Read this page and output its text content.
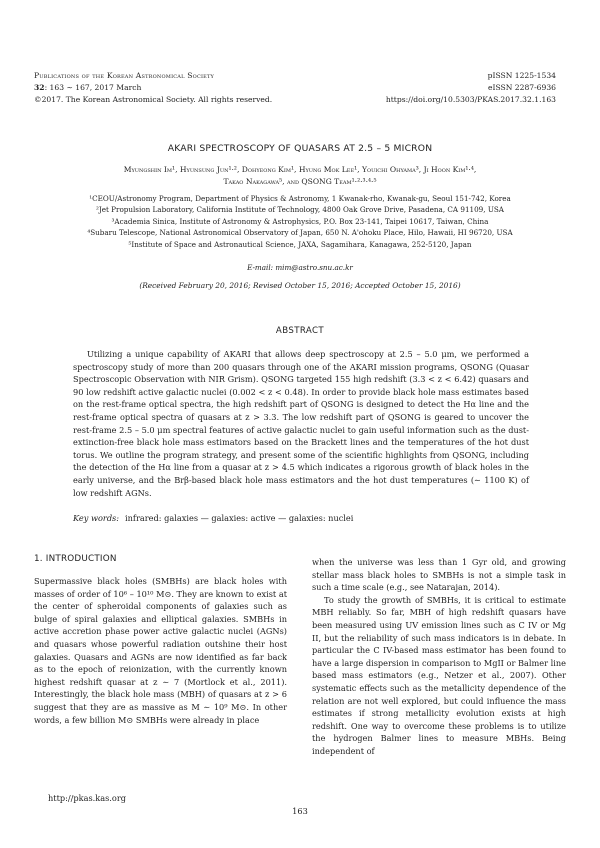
Publications of the Korean Astronomical Society
32: 163 ∼ 167, 2017 March
©2017. The Korean Astronomical Society. All rights reserved.
pISSN 1225-1534
eISSN 2287-6936
https://doi.org/10.5303/PKAS.2017.32.1.163
AKARI SPECTROSCOPY OF QUASARS AT 2.5 – 5 MICRON
Myungshin Im¹, Hyunsung Jun¹·², Dohyeong Kim¹, Hyung Mok Lee¹, Youichi Ohyama³, Ji Hoon Kim¹·⁴,
Takao Nakagawa⁵, and QSONG Team¹·²·³·⁴·⁵
¹CEOU/Astronomy Program, Department of Physics & Astronomy, 1 Kwanak-rho, Kwanak-gu, Seoul 151-742, Korea
²Jet Propulsion Laboratory, California Institute of Technology, 4800 Oak Grove Drive, Pasadena, CA 91109, USA
³Academia Sinica, Institute of Astronomy & Astrophysics, P.O. Box 23-141, Taipei 10617, Taiwan, China
⁴Subaru Telescope, National Astronomical Observatory of Japan, 650 N. A'ohoku Place, Hilo, Hawaii, HI 96720, USA
⁵Institute of Space and Astronautical Science, JAXA, Sagamihara, Kanagawa, 252-5120, Japan
E-mail: mim@astro.snu.ac.kr
(Received February 20, 2016; Revised October 15, 2016; Accepted October 15, 2016)
ABSTRACT
Utilizing a unique capability of AKARI that allows deep spectroscopy at 2.5 – 5.0 μm, we performed a spectroscopy study of more than 200 quasars through one of the AKARI mission programs, QSONG (Quasar Spectroscopic Observation with NIR Grism). QSONG targeted 155 high redshift (3.3 < z < 6.42) quasars and 90 low redshift active galactic nuclei (0.002 < z < 0.48). In order to provide black hole mass estimates based on the rest-frame optical spectra, the high redshift part of QSONG is designed to detect the Hα line and the rest-frame optical spectra of quasars at z > 3.3. The low redshift part of QSONG is geared to uncover the rest-frame 2.5 – 5.0 μm spectral features of active galactic nuclei to gain useful information such as the dust-extinction-free black hole mass estimators based on the Brackett lines and the temperatures of the hot dust torus. We outline the program strategy, and present some of the scientific highlights from QSONG, including the detection of the Hα line from a quasar at z > 4.5 which indicates a rigorous growth of black holes in the early universe, and the Brβ-based black hole mass estimators and the hot dust temperatures (∼ 1100 K) of low redshift AGNs.
Key words: infrared: galaxies — galaxies: active — galaxies: nuclei
1. INTRODUCTION
Supermassive black holes (SMBHs) are black holes with masses of order of 10⁶ – 10¹⁰ M⊙. They are known to exist at the center of spheroidal components of galaxies such as bulge of spiral galaxies and elliptical galaxies. SMBHs in active accretion phase power active galactic nuclei (AGNs) and quasars whose powerful radiation outshine their host galaxies. Quasars and AGNs are now identified as far back as to the epoch of reionization, with the currently known highest redshift quasar at z ∼ 7 (Mortlock et al., 2011). Interestingly, the black hole mass (MBH) of quasars at z > 6 suggest that they are as massive as M ∼ 10⁹ M⊙. In other words, a few billion M⊙ SMBHs were already in place
when the universe was less than 1 Gyr old, and growing stellar mass black holes to SMBHs is not a simple task in such a time scale (e.g., see Natarajan, 2014).
To study the growth of SMBHs, it is critical to estimate MBH reliably. So far, MBH of high redshift quasars have been measured using UV emission lines such as C IV or Mg II, but the reliability of such mass indicators is in debate. In particular the C IV-based mass estimator has been found to have a large dispersion in comparison to MgII or Balmer line based mass estimators (e.g., Netzer et al., 2007). Other systematic effects such as the metallicity dependence of the relation are not well explored, but could influence the mass estimates if strong metallicity evolution exists at high redshift. One way to overcome these problems is to utilize the hydrogen Balmer lines to measure MBHs. Being independent of
http://pkas.kas.org
163
